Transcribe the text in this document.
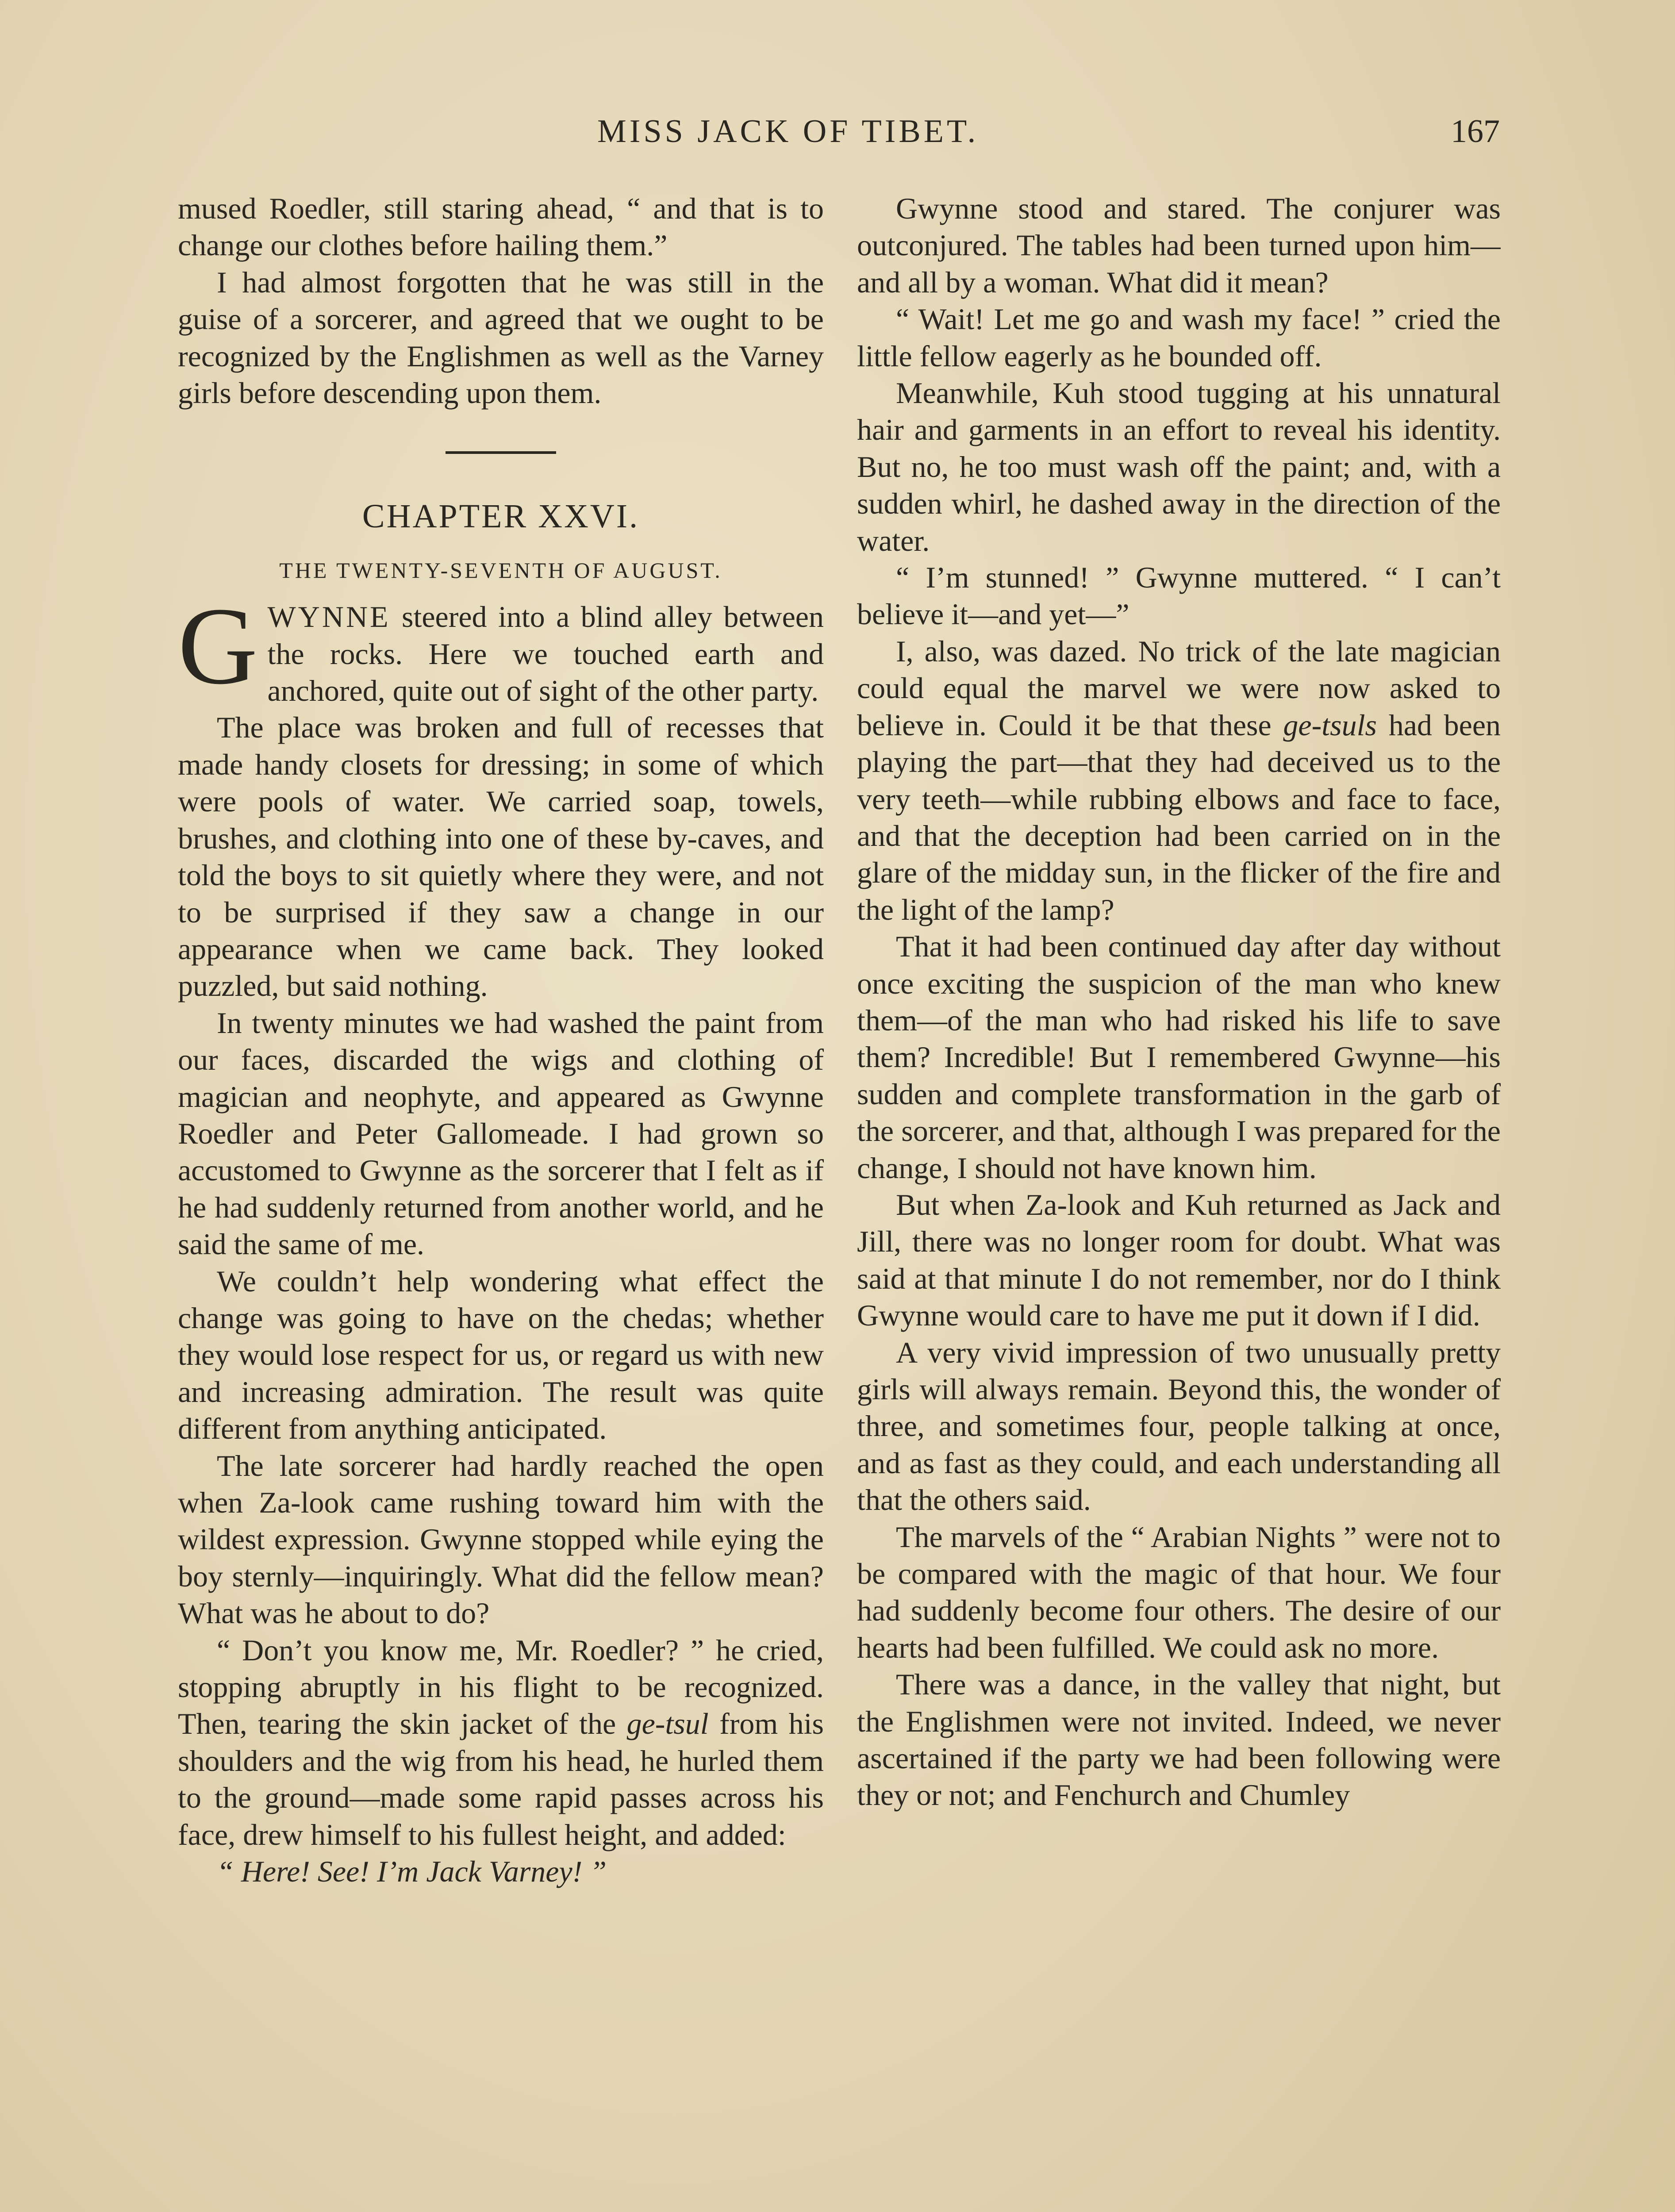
MISS JACK OF TIBET.	167

mused Roedler, still staring ahead, “ and that is to change our clothes before hailing them.”

I had almost forgotten that he was still in the guise of a sorcerer, and agreed that we ought to be recognized by the Englishmen as well as the Varney girls before descending upon them.

CHAPTER XXVI.
THE TWENTY-SEVENTH OF AUGUST.

GWYNNE steered into a blind alley between the rocks. Here we touched earth and anchored, quite out of sight of the other party.

The place was broken and full of recesses that made handy closets for dressing; in some of which were pools of water. We carried soap, towels, brushes, and clothing into one of these by-caves, and told the boys to sit quietly where they were, and not to be surprised if they saw a change in our appearance when we came back. They looked puzzled, but said nothing.

In twenty minutes we had washed the paint from our faces, discarded the wigs and clothing of magician and neophyte, and appeared as Gwynne Roedler and Peter Gallomeade. I had grown so accustomed to Gwynne as the sorcerer that I felt as if he had suddenly returned from another world, and he said the same of me.

We couldn’t help wondering what effect the change was going to have on the chedas; whether they would lose respect for us, or regard us with new and increasing admiration. The result was quite different from anything anticipated.

The late sorcerer had hardly reached the open when Za-look came rushing toward him with the wildest expression. Gwynne stopped while eying the boy sternly—inquiringly. What did the fellow mean? What was he about to do?

“ Don’t you know me, Mr. Roedler? ” he cried, stopping abruptly in his flight to be recognized. Then, tearing the skin jacket of the ge-tsul from his shoulders and the wig from his head, he hurled them to the ground—made some rapid passes across his face, drew himself to his fullest height, and added:

“ Here! See! I’m Jack Varney! ”

Gwynne stood and stared. The conjurer was outconjured. The tables had been turned upon him—and all by a woman. What did it mean?

“ Wait! Let me go and wash my face! ” cried the little fellow eagerly as he bounded off.

Meanwhile, Kuh stood tugging at his unnatural hair and garments in an effort to reveal his identity. But no, he too must wash off the paint; and, with a sudden whirl, he dashed away in the direction of the water.

“ I’m stunned! ” Gwynne muttered. “ I can’t believe it—and yet—”

I, also, was dazed. No trick of the late magician could equal the marvel we were now asked to believe in. Could it be that these ge-tsuls had been playing the part—that they had deceived us to the very teeth—while rubbing elbows and face to face, and that the deception had been carried on in the glare of the midday sun, in the flicker of the fire and the light of the lamp?

That it had been continued day after day without once exciting the suspicion of the man who knew them—of the man who had risked his life to save them? Incredible! But I remembered Gwynne—his sudden and complete transformation in the garb of the sorcerer, and that, although I was prepared for the change, I should not have known him.

But when Za-look and Kuh returned as Jack and Jill, there was no longer room for doubt. What was said at that minute I do not remember, nor do I think Gwynne would care to have me put it down if I did.

A very vivid impression of two unusually pretty girls will always remain. Beyond this, the wonder of three, and sometimes four, people talking at once, and as fast as they could, and each understanding all that the others said.

The marvels of the “ Arabian Nights ” were not to be compared with the magic of that hour. We four had suddenly become four others. The desire of our hearts had been fulfilled. We could ask no more.

There was a dance, in the valley that night, but the Englishmen were not invited. Indeed, we never ascertained if the party we had been following were they or not; and Fenchurch and Chumley
